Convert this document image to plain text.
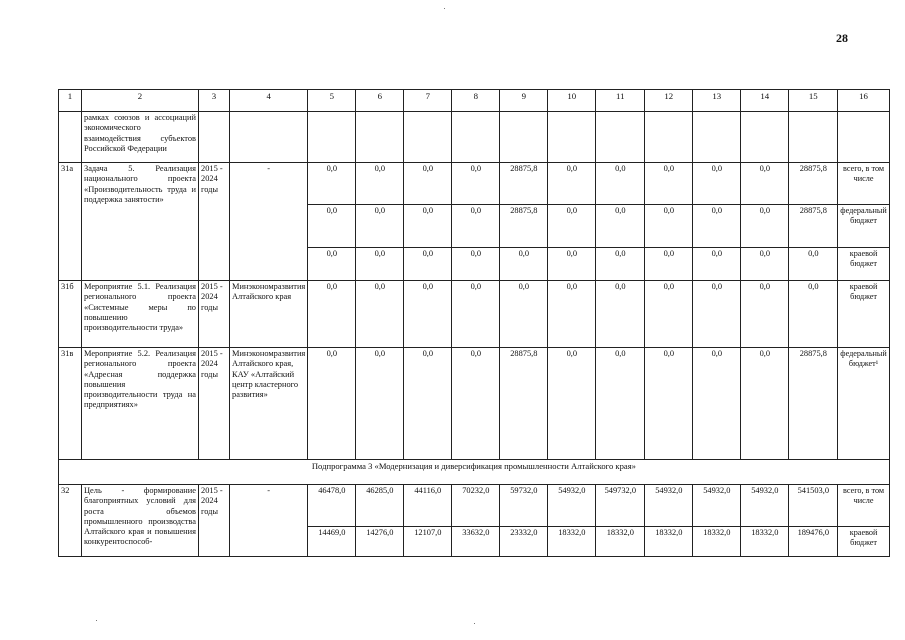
28
1	2	3	4	5	6	7	8	9	10	11	12	13	14	15	16
	рамках союзов и ассоциаций экономического взаимодействия субъектов Российской Федерации														
31а	Задача 5. Реализация национального проекта «Производительность труда и поддержка занятости»	2015 - 2024 годы	-	0,0	0,0	0,0	0,0	28875,8	0,0	0,0	0,0	0,0	0,0	28875,8	всего, в том числе
				0,0	0,0	0,0	0,0	28875,8	0,0	0,0	0,0	0,0	0,0	28875,8	федеральный бюджет
				0,0	0,0	0,0	0,0	0,0	0,0	0,0	0,0	0,0	0,0	0,0	краевой бюджет
31б	Мероприятие 5.1. Реализация регионального проекта «Системные меры по повышению производительности труда»	2015 - 2024 годы	Минэкономразвития Алтайского края	0,0	0,0	0,0	0,0	0,0	0,0	0,0	0,0	0,0	0,0	0,0	краевой бюджет
31в	Мероприятие 5.2. Реализация регионального проекта «Адресная поддержка повышения производительности труда на предприятиях»	2015 - 2024 годы	Минэкономразвития Алтайского края, КАУ «Алтайский центр кластерного развития»	0,0	0,0	0,0	0,0	28875,8	0,0	0,0	0,0	0,0	0,0	28875,8	федеральный бюджет¹
Подпрограмма 3 «Модернизация и диверсификация промышленности Алтайского края»															
32	Цель - формирование благоприятных условий для роста объемов промышленного производства Алтайского края и повышения конкурентоспособ-	2015 - 2024 годы	-	46478,0	46285,0	44116,0	70232,0	59732,0	54932,0	549732,0	54932,0	54932,0	54932,0	541503,0	всего, в том числе
				14469,0	14276,0	12107,0	33632,0	23332,0	18332,0	18332,0	18332,0	18332,0	18332,0	189476,0	краевой бюджет
